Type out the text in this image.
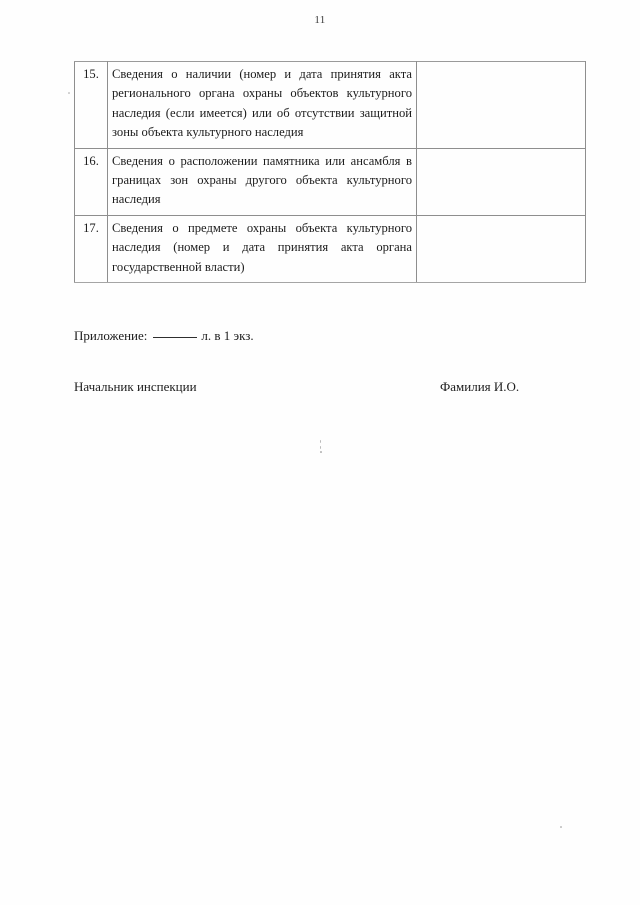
11
15.	Сведения о наличии (номер и дата принятия акта регионального органа охраны объектов культурного наследия (если имеется) или об отсутствии защитной зоны объекта культурного наследия	
16.	Сведения о расположении памятника или ансамбля в границах зон охраны другого объекта культурного наследия	
17.	Сведения о предмете охраны объекта культурного наследия (номер и дата принятия акта органа государственной власти)	
Приложение:	л. в 1 экз.
Начальник инспекции	Фамилия И.О.
